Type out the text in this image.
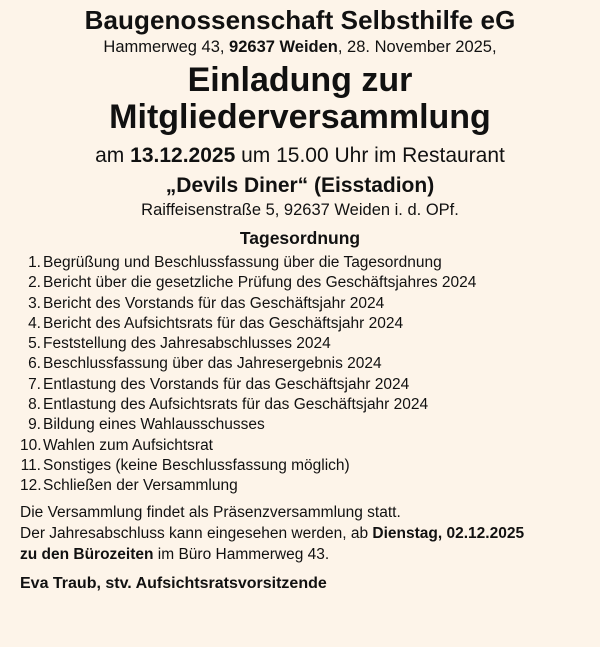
Baugenossenschaft Selbsthilfe eG
Hammerweg 43, 92637 Weiden, 28. November 2025,
Einladung zur
Mitgliederversammlung
am 13.12.2025 um 15.00 Uhr im Restaurant
„Devils Diner“ (Eisstadion)
Raiffeisenstraße 5, 92637 Weiden i. d. OPf.
Tagesordnung
1. Begrüßung und Beschlussfassung über die Tagesordnung
2. Bericht über die gesetzliche Prüfung des Geschäftsjahres 2024
3. Bericht des Vorstands für das Geschäftsjahr 2024
4. Bericht des Aufsichtsrats für das Geschäftsjahr 2024
5. Feststellung des Jahresabschlusses 2024
6. Beschlussfassung über das Jahresergebnis 2024
7. Entlastung des Vorstands für das Geschäftsjahr 2024
8. Entlastung des Aufsichtsrats für das Geschäftsjahr 2024
9. Bildung eines Wahlausschusses
10. Wahlen zum Aufsichtsrat
11. Sonstiges (keine Beschlussfassung möglich)
12. Schließen der Versammlung
Die Versammlung findet als Präsenzversammlung statt.
Der Jahresabschluss kann eingesehen werden, ab Dienstag, 02.12.2025
zu den Bürozeiten im Büro Hammerweg 43.
Eva Traub, stv. Aufsichtsratsvorsitzende
